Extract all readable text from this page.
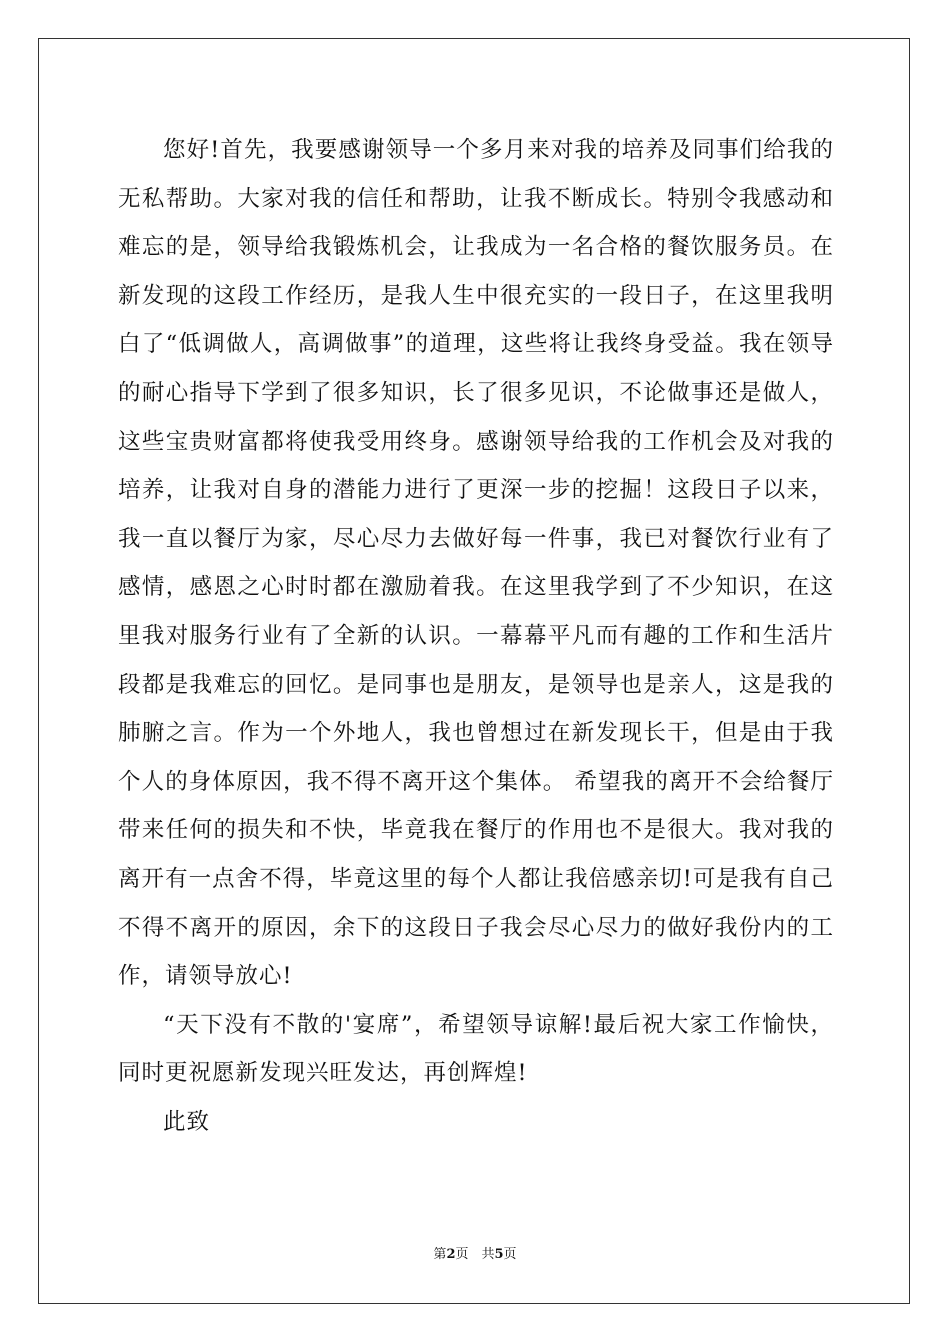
您好!首先，我要感谢领导一个多月来对我的培养及同事们给我的无私帮助。大家对我的信任和帮助，让我不断成长。特别令我感动和难忘的是，领导给我锻炼机会，让我成为一名合格的餐饮服务员。在新发现的这段工作经历，是我人生中很充实的一段日子，在这里我明白了“低调做人，高调做事”的道理，这些将让我终身受益。我在领导的耐心指导下学到了很多知识，长了很多见识，不论做事还是做人，这些宝贵财富都将使我受用终身。感谢领导给我的工作机会及对我的培养，让我对自身的潜能力进行了更深一步的挖掘！这段日子以来，我一直以餐厅为家，尽心尽力去做好每一件事，我已对餐饮行业有了感情，感恩之心时时都在激励着我。在这里我学到了不少知识，在这里我对服务行业有了全新的认识。一幕幕平凡而有趣的工作和生活片段都是我难忘的回忆。是同事也是朋友，是领导也是亲人，这是我的肺腑之言。作为一个外地人，我也曾想过在新发现长干，但是由于我个人的身体原因，我不得不离开这个集体。 希望我的离开不会给餐厅带来任何的损失和不快，毕竟我在餐厅的作用也不是很大。我对我的离开有一点舍不得，毕竟这里的每个人都让我倍感亲切!可是我有自己不得不离开的原因，余下的这段日子我会尽心尽力的做好我份内的工作，请领导放心!

“天下没有不散的'宴席”，希望领导谅解!最后祝大家工作愉快，同时更祝愿新发现兴旺发达，再创辉煌!

此致

第2页　共5页
